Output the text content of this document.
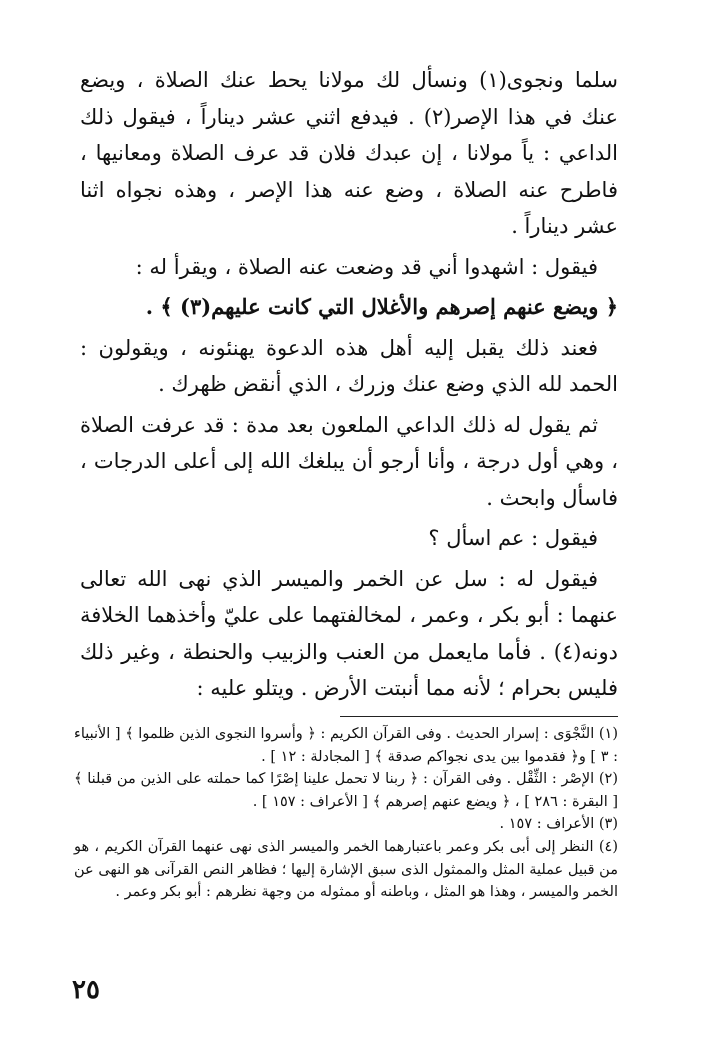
سلما ونجوى(١) ونسأل لك مولانا يحط عنك الصلاة ، ويضع عنك في هذا الإصر(٢) . فيدفع اثني عشر ديناراً ، فيقول ذلك الداعي : ياً مولانا ، إن عبدك فلان قد عرف الصلاة ومعانيها ، فاطرح عنه الصلاة ، وضع عنه هذا الإصر ، وهذه نجواه اثنا عشر ديناراً .

فيقول : اشهدوا أني قد وضعت عنه الصلاة ، ويقرأ له :

﴿ ويضع عنهم إصرهم والأغلال التي كانت عليهم(٣) ﴾ .

فعند ذلك يقبل إليه أهل هذه الدعوة يهنئونه ، ويقولون : الحمد لله الذي وضع عنك وزرك ، الذي أنقض ظهرك .

ثم يقول له ذلك الداعي الملعون بعد مدة : قد عرفت الصلاة ، وهي أول درجة ، وأنا أرجو أن يبلغك الله إلى أعلى الدرجات ، فاسأل وابحث .

فيقول : عم اسأل ؟

فيقول له : سل عن الخمر والميسر الذي نهى الله تعالى عنهما : أبو بكر ، وعمر ، لمخالفتهما على عليّ وأخذهما الخلافة دونه(٤) . فأما مايعمل من العنب والزبيب والحنطة ، وغير ذلك فليس بحرام ؛ لأنه مما أنبتت الأرض . ويتلو عليه :

(١) النَّجْوَى : إسرار الحديث . وفى القرآن الكريم : ﴿ وأسروا النجوى الذين ظلموا ﴾ [ الأنبياء : ٣ ] و﴿ فقدموا بين يدى نجواكم صدقة ﴾ [ المجادلة : ١٢ ] .

(٢) الإصْر : الثِّقْل . وفى القرآن : ﴿ ربنا لا تحمل علينا إصْرًا كما حملته على الذين من قبلنا ﴾ [ البقرة : ٢٨٦ ] ، ﴿ ويضع عنهم إصرهم ﴾ [ الأعراف : ١٥٧ ] .

(٣) الأعراف : ١٥٧ .

(٤) النظر إلى أبى بكر وعمر باعتبارهما الخمر والميسر الذى نهى عنهما القرآن الكريم ، هو من قبيل عملية المثل والممثول الذى سبق الإشارة إليها ؛ فظاهر النص القرآنى هو النهى عن الخمر والميسر ، وهذا هو المثل ، وباطنه أو ممثوله من وجهة نظرهم : أبو بكر وعمر .

٢٥
